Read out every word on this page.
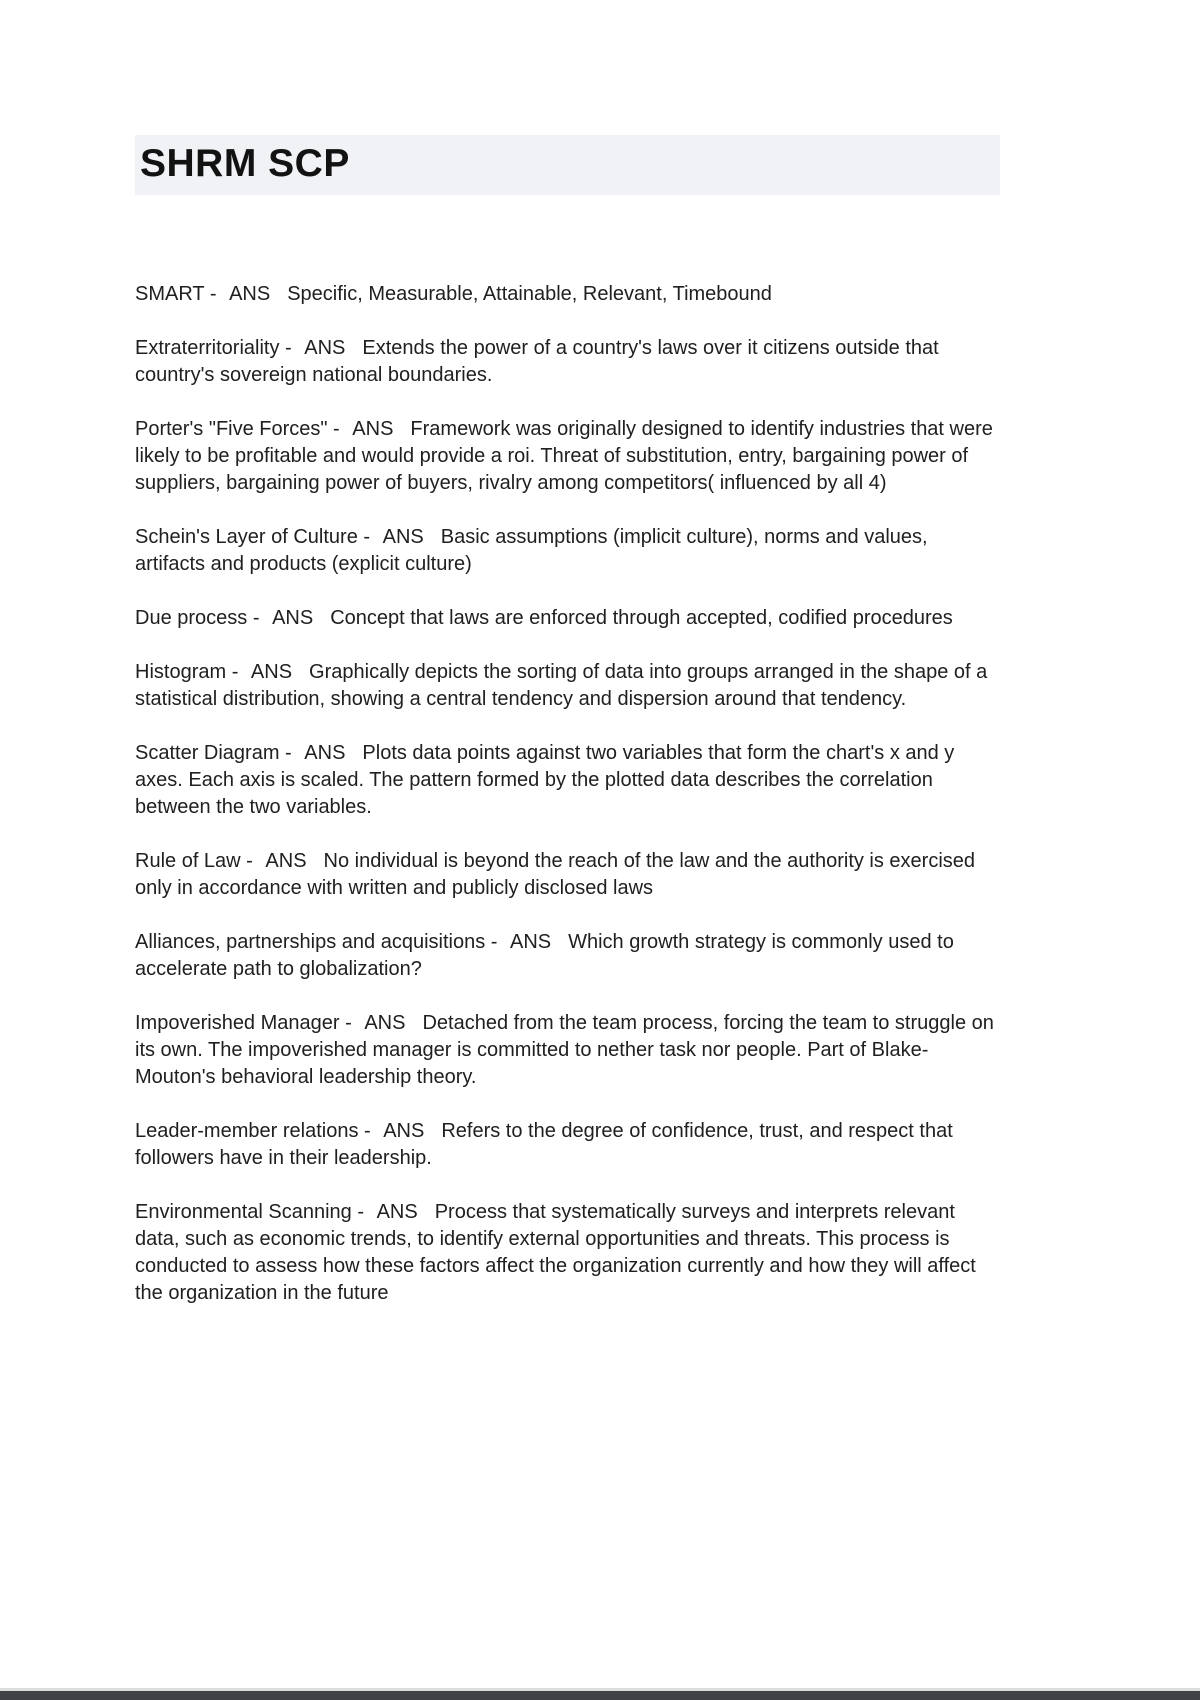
SHRM SCP

SMART - ANS Specific, Measurable, Attainable, Relevant, Timebound

Extraterritoriality - ANS Extends the power of a country's laws over it citizens outside that country's sovereign national boundaries.

Porter's "Five Forces" - ANS Framework was originally designed to identify industries that were likely to be profitable and would provide a roi. Threat of substitution, entry, bargaining power of suppliers, bargaining power of buyers, rivalry among competitors( influenced by all 4)

Schein's Layer of Culture - ANS Basic assumptions (implicit culture), norms and values, artifacts and products (explicit culture)

Due process - ANS Concept that laws are enforced through accepted, codified procedures

Histogram - ANS Graphically depicts the sorting of data into groups arranged in the shape of a statistical distribution, showing a central tendency and dispersion around that tendency.

Scatter Diagram - ANS Plots data points against two variables that form the chart's x and y axes. Each axis is scaled. The pattern formed by the plotted data describes the correlation between the two variables.

Rule of Law - ANS No individual is beyond the reach of the law and the authority is exercised only in accordance with written and publicly disclosed laws

Alliances, partnerships and acquisitions - ANS Which growth strategy is commonly used to accelerate path to globalization?

Impoverished Manager - ANS Detached from the team process, forcing the team to struggle on its own. The impoverished manager is committed to nether task nor people. Part of Blake-Mouton's behavioral leadership theory.

Leader-member relations - ANS Refers to the degree of confidence, trust, and respect that followers have in their leadership.

Environmental Scanning - ANS Process that systematically surveys and interprets relevant data, such as economic trends, to identify external opportunities and threats. This process is conducted to assess how these factors affect the organization currently and how they will affect the organization in the future
